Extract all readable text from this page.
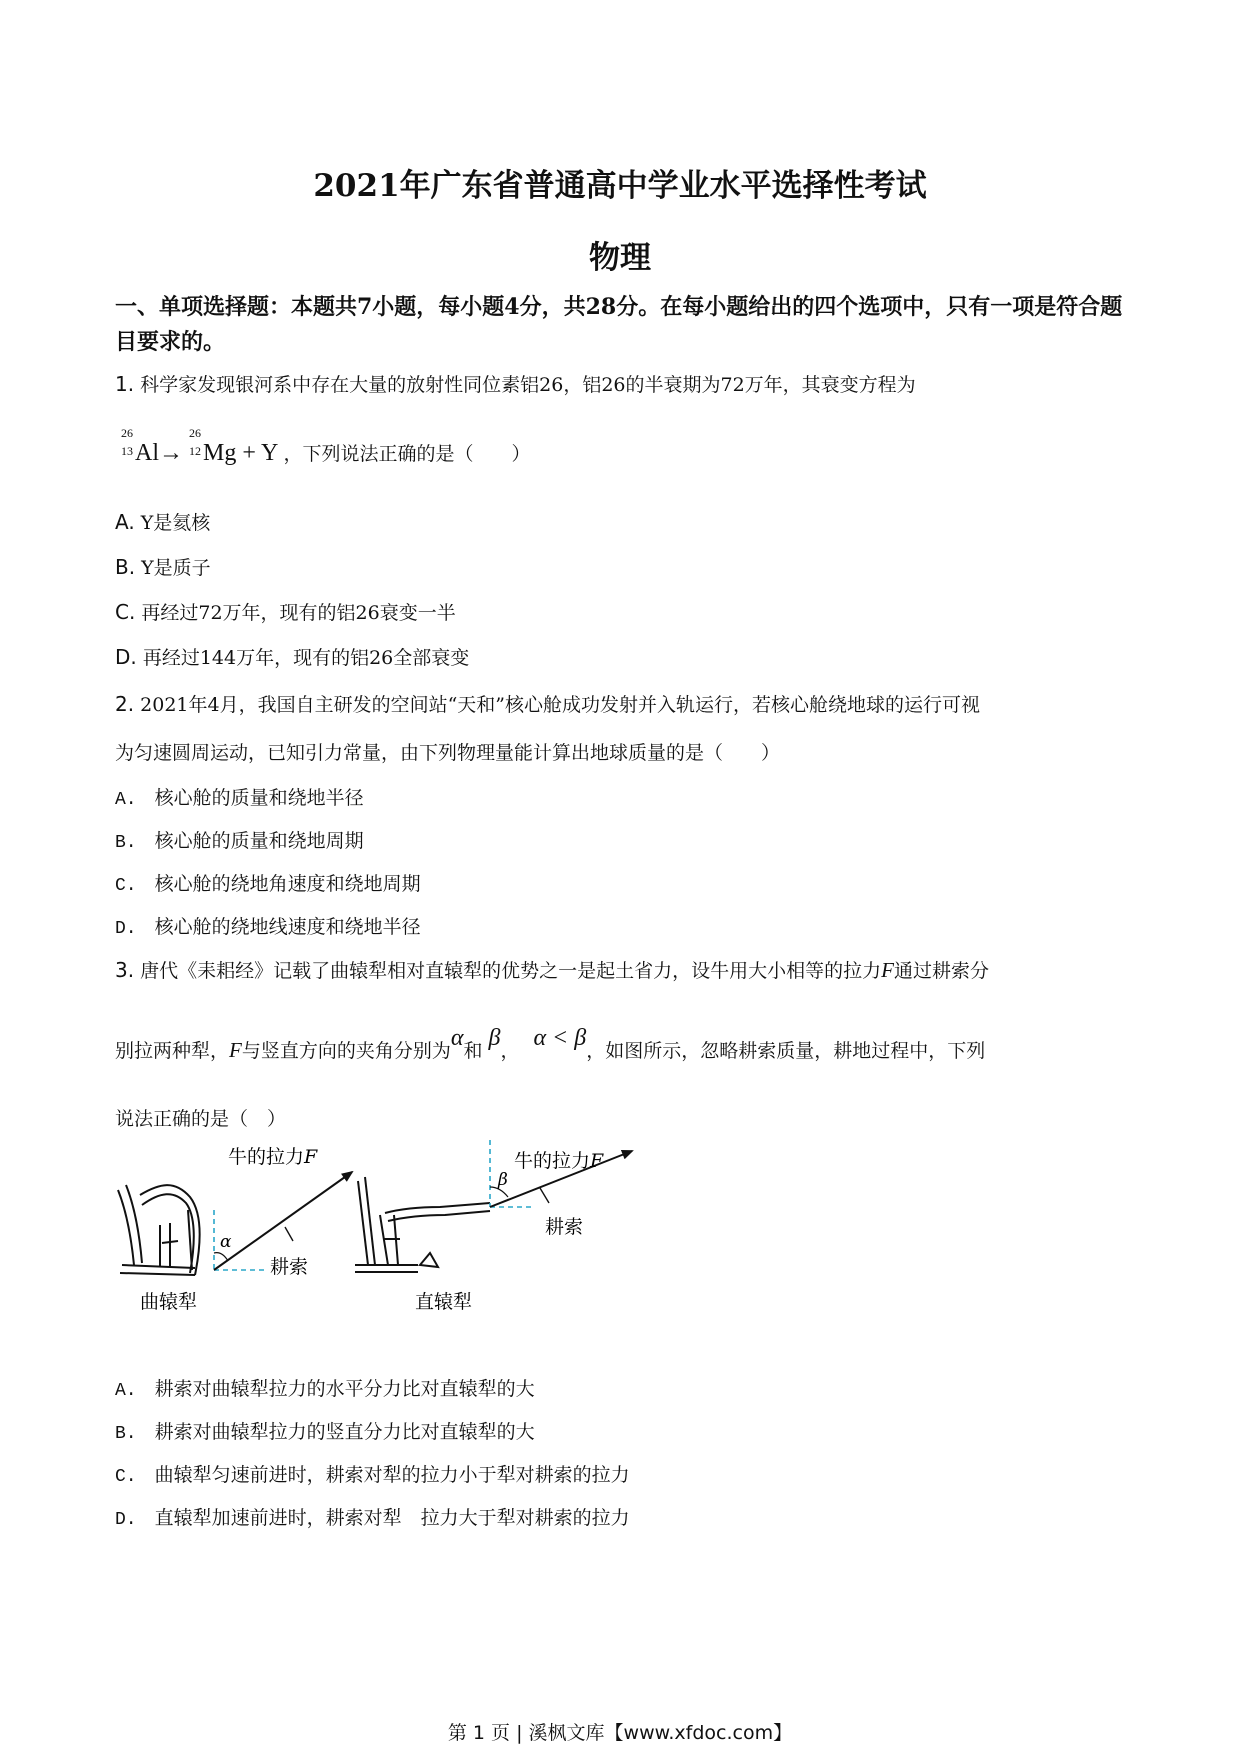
2021年广东省普通高中学业水平选择性考试
物理
一、单项选择题：本题共7小题，每小题4分，共28分。在每小题给出的四个选项中，只有一项是符合题目要求的。
1. 科学家发现银河系中存在大量的放射性同位素铝26，铝26的半衰期为72万年，其衰变方程为
26
13 Al→
26
12 Mg + Y ，下列说法正确的是（　　）
A. Y是氦核
B. Y是质子
C. 再经过72万年，现有的铝26衰变一半
D. 再经过144万年，现有的铝26全部衰变
2. 2021年4月，我国自主研发的空间站“天和”核心舱成功发射并入轨运行，若核心舱绕地球的运行可视
为匀速圆周运动，已知引力常量，由下列物理量能计算出地球质量的是（　　）
A. 核心舱的质量和绕地半径
B. 核心舱的质量和绕地周期
C. 核心舱的绕地角速度和绕地周期
D. 核心舱的绕地线速度和绕地半径
3. 唐代《耒耜经》记载了曲辕犁相对直辕犁的优势之一是起土省力，设牛用大小相等的拉力F通过耕索分
别拉两种犁，F与竖直方向的夹角分别为α和 β， α < β，如图所示，忽略耕索质量，耕地过程中，下列
说法正确的是（　）
α
牛的拉力F
耕索
曲辕犁
β
牛的拉力F
耕索
直辕犁
A. 耕索对曲辕犁拉力的水平分力比对直辕犁的大
B. 耕索对曲辕犁拉力的竖直分力比对直辕犁的大
C. 曲辕犁匀速前进时，耕索对犁的拉力小于犁对耕索的拉力
D. 直辕犁加速前进时，耕索对犁　拉力大于犁对耕索的拉力
第 1 页 | 溪枫文库【www.xfdoc.com】
